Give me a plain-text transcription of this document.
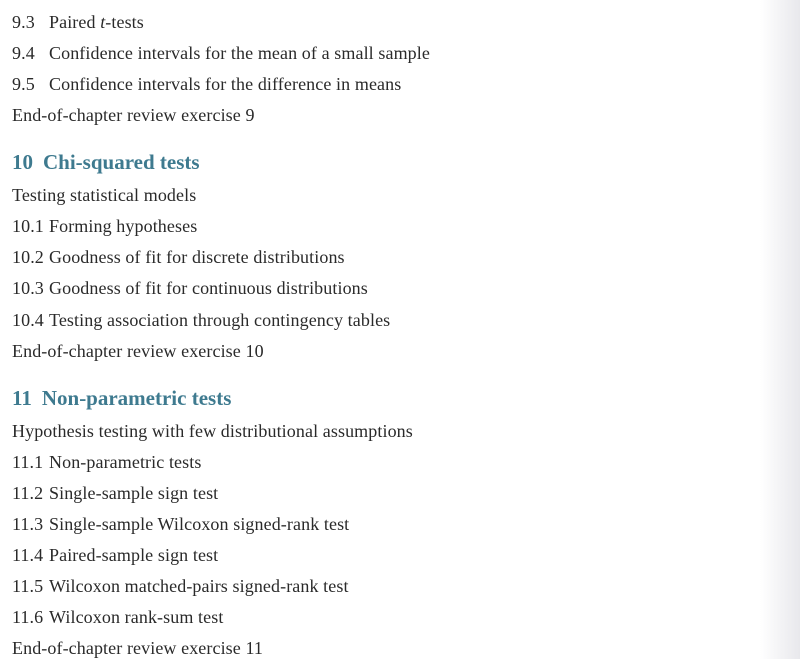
9.3 Paired t-tests
9.4 Confidence intervals for the mean of a small sample
9.5 Confidence intervals for the difference in means
End-of-chapter review exercise 9
10 Chi-squared tests
Testing statistical models
10.1 Forming hypotheses
10.2 Goodness of fit for discrete distributions
10.3 Goodness of fit for continuous distributions
10.4 Testing association through contingency tables
End-of-chapter review exercise 10
11 Non-parametric tests
Hypothesis testing with few distributional assumptions
11.1 Non-parametric tests
11.2 Single-sample sign test
11.3 Single-sample Wilcoxon signed-rank test
11.4 Paired-sample sign test
11.5 Wilcoxon matched-pairs signed-rank test
11.6 Wilcoxon rank-sum test
End-of-chapter review exercise 11
